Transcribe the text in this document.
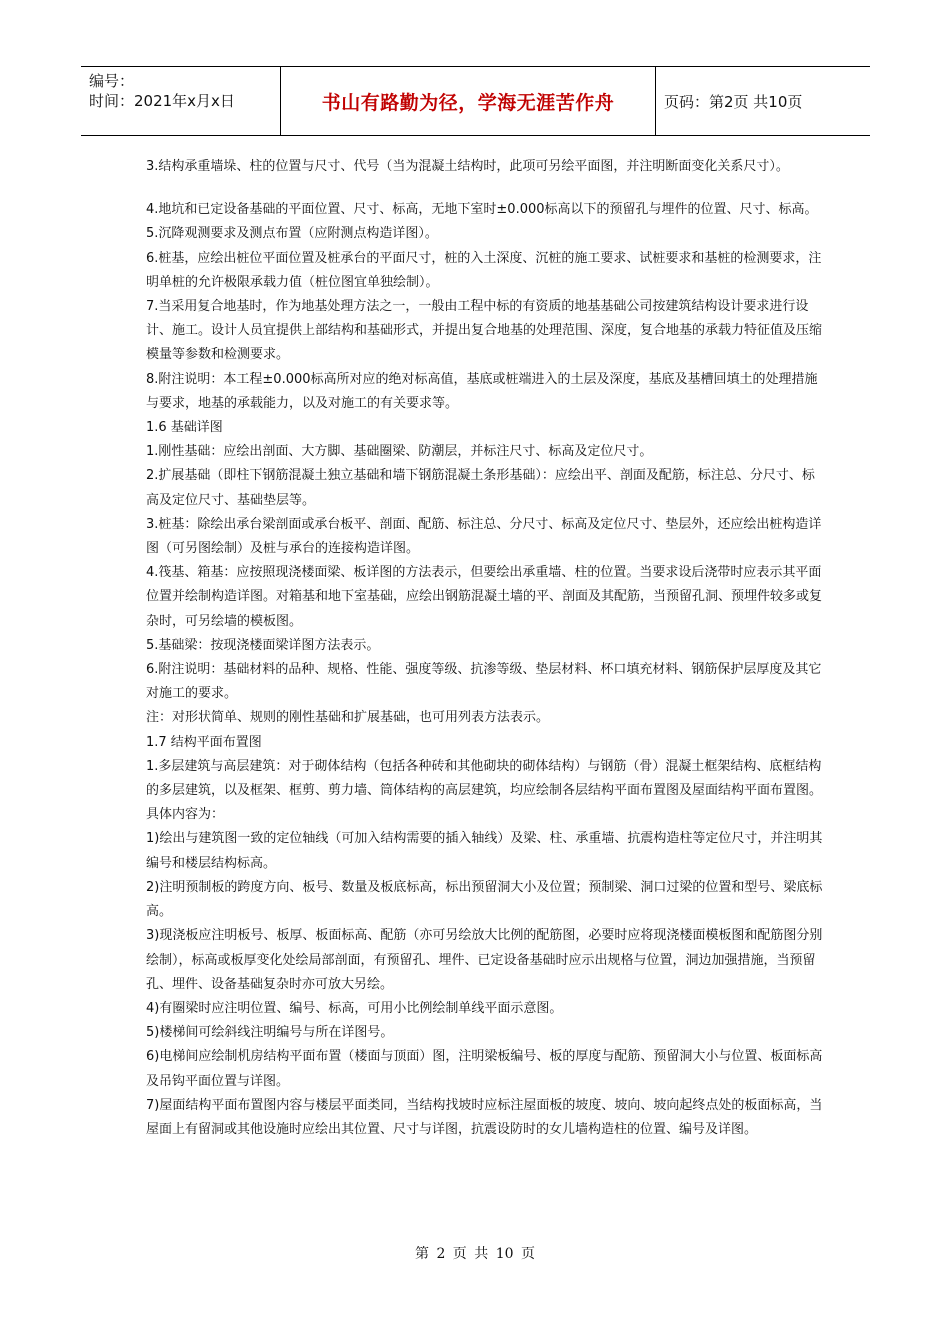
编号：
时间：2021年x月x日	书山有路勤为径，学海无涯苦作舟	页码：第2页 共10页

3.结构承重墙垛、柱的位置与尺寸、代号（当为混凝土结构时，此项可另绘平面图，并注明断面变化关系尺寸）。

4.地坑和已定设备基础的平面位置、尺寸、标高，无地下室时±0.000标高以下的预留孔与埋件的位置、尺寸、标高。

5.沉降观测要求及测点布置（应附测点构造详图）。

6.桩基，应绘出桩位平面位置及桩承台的平面尺寸，桩的入土深度、沉桩的施工要求、试桩要求和基桩的检测要求，注明单桩的允许极限承载力值（桩位图宜单独绘制）。

7.当采用复合地基时，作为地基处理方法之一，一般由工程中标的有资质的地基基础公司按建筑结构设计要求进行设计、施工。设计人员宜提供上部结构和基础形式，并提出复合地基的处理范围、深度，复合地基的承载力特征值及压缩模量等参数和检测要求。

8.附注说明：本工程±0.000标高所对应的绝对标高值，基底或桩端进入的土层及深度，基底及基槽回填土的处理措施与要求，地基的承载能力，以及对施工的有关要求等。

1.6 基础详图

1.刚性基础：应绘出剖面、大方脚、基础圈梁、防潮层，并标注尺寸、标高及定位尺寸。

2.扩展基础（即柱下钢筋混凝土独立基础和墙下钢筋混凝土条形基础）：应绘出平、剖面及配筋，标注总、分尺寸、标高及定位尺寸、基础垫层等。

3.桩基：除绘出承台梁剖面或承台板平、剖面、配筋、标注总、分尺寸、标高及定位尺寸、垫层外，还应绘出桩构造详图（可另图绘制）及桩与承台的连接构造详图。

4.筏基、箱基：应按照现浇楼面梁、板详图的方法表示，但要绘出承重墙、柱的位置。当要求设后浇带时应表示其平面位置并绘制构造详图。对箱基和地下室基础，应绘出钢筋混凝土墙的平、剖面及其配筋，当预留孔洞、预埋件较多或复杂时，可另绘墙的模板图。

5.基础梁：按现浇楼面梁详图方法表示。

6.附注说明：基础材料的品种、规格、性能、强度等级、抗渗等级、垫层材料、杯口填充材料、钢筋保护层厚度及其它对施工的要求。

注：对形状简单、规则的刚性基础和扩展基础，也可用列表方法表示。

1.7 结构平面布置图

1.多层建筑与高层建筑：对于砌体结构（包括各种砖和其他砌块的砌体结构）与钢筋（骨）混凝土框架结构、底框结构的多层建筑，以及框架、框剪、剪力墙、筒体结构的高层建筑，均应绘制各层结构平面布置图及屋面结构平面布置图。具体内容为：

1)绘出与建筑图一致的定位轴线（可加入结构需要的插入轴线）及梁、柱、承重墙、抗震构造柱等定位尺寸，并注明其编号和楼层结构标高。

2)注明预制板的跨度方向、板号、数量及板底标高，标出预留洞大小及位置；预制梁、洞口过梁的位置和型号、梁底标高。

3)现浇板应注明板号、板厚、板面标高、配筋（亦可另绘放大比例的配筋图，必要时应将现浇楼面模板图和配筋图分别绘制），标高或板厚变化处绘局部剖面，有预留孔、埋件、已定设备基础时应示出规格与位置，洞边加强措施，当预留孔、埋件、设备基础复杂时亦可放大另绘。

4)有圈梁时应注明位置、编号、标高，可用小比例绘制单线平面示意图。

5)楼梯间可绘斜线注明编号与所在详图号。

6)电梯间应绘制机房结构平面布置（楼面与顶面）图，注明梁板编号、板的厚度与配筋、预留洞大小与位置、板面标高及吊钩平面位置与详图。

7)屋面结构平面布置图内容与楼层平面类同，当结构找坡时应标注屋面板的坡度、坡向、坡向起终点处的板面标高，当屋面上有留洞或其他设施时应绘出其位置、尺寸与详图，抗震设防时的女儿墙构造柱的位置、编号及详图。

第 2 页 共 10 页
